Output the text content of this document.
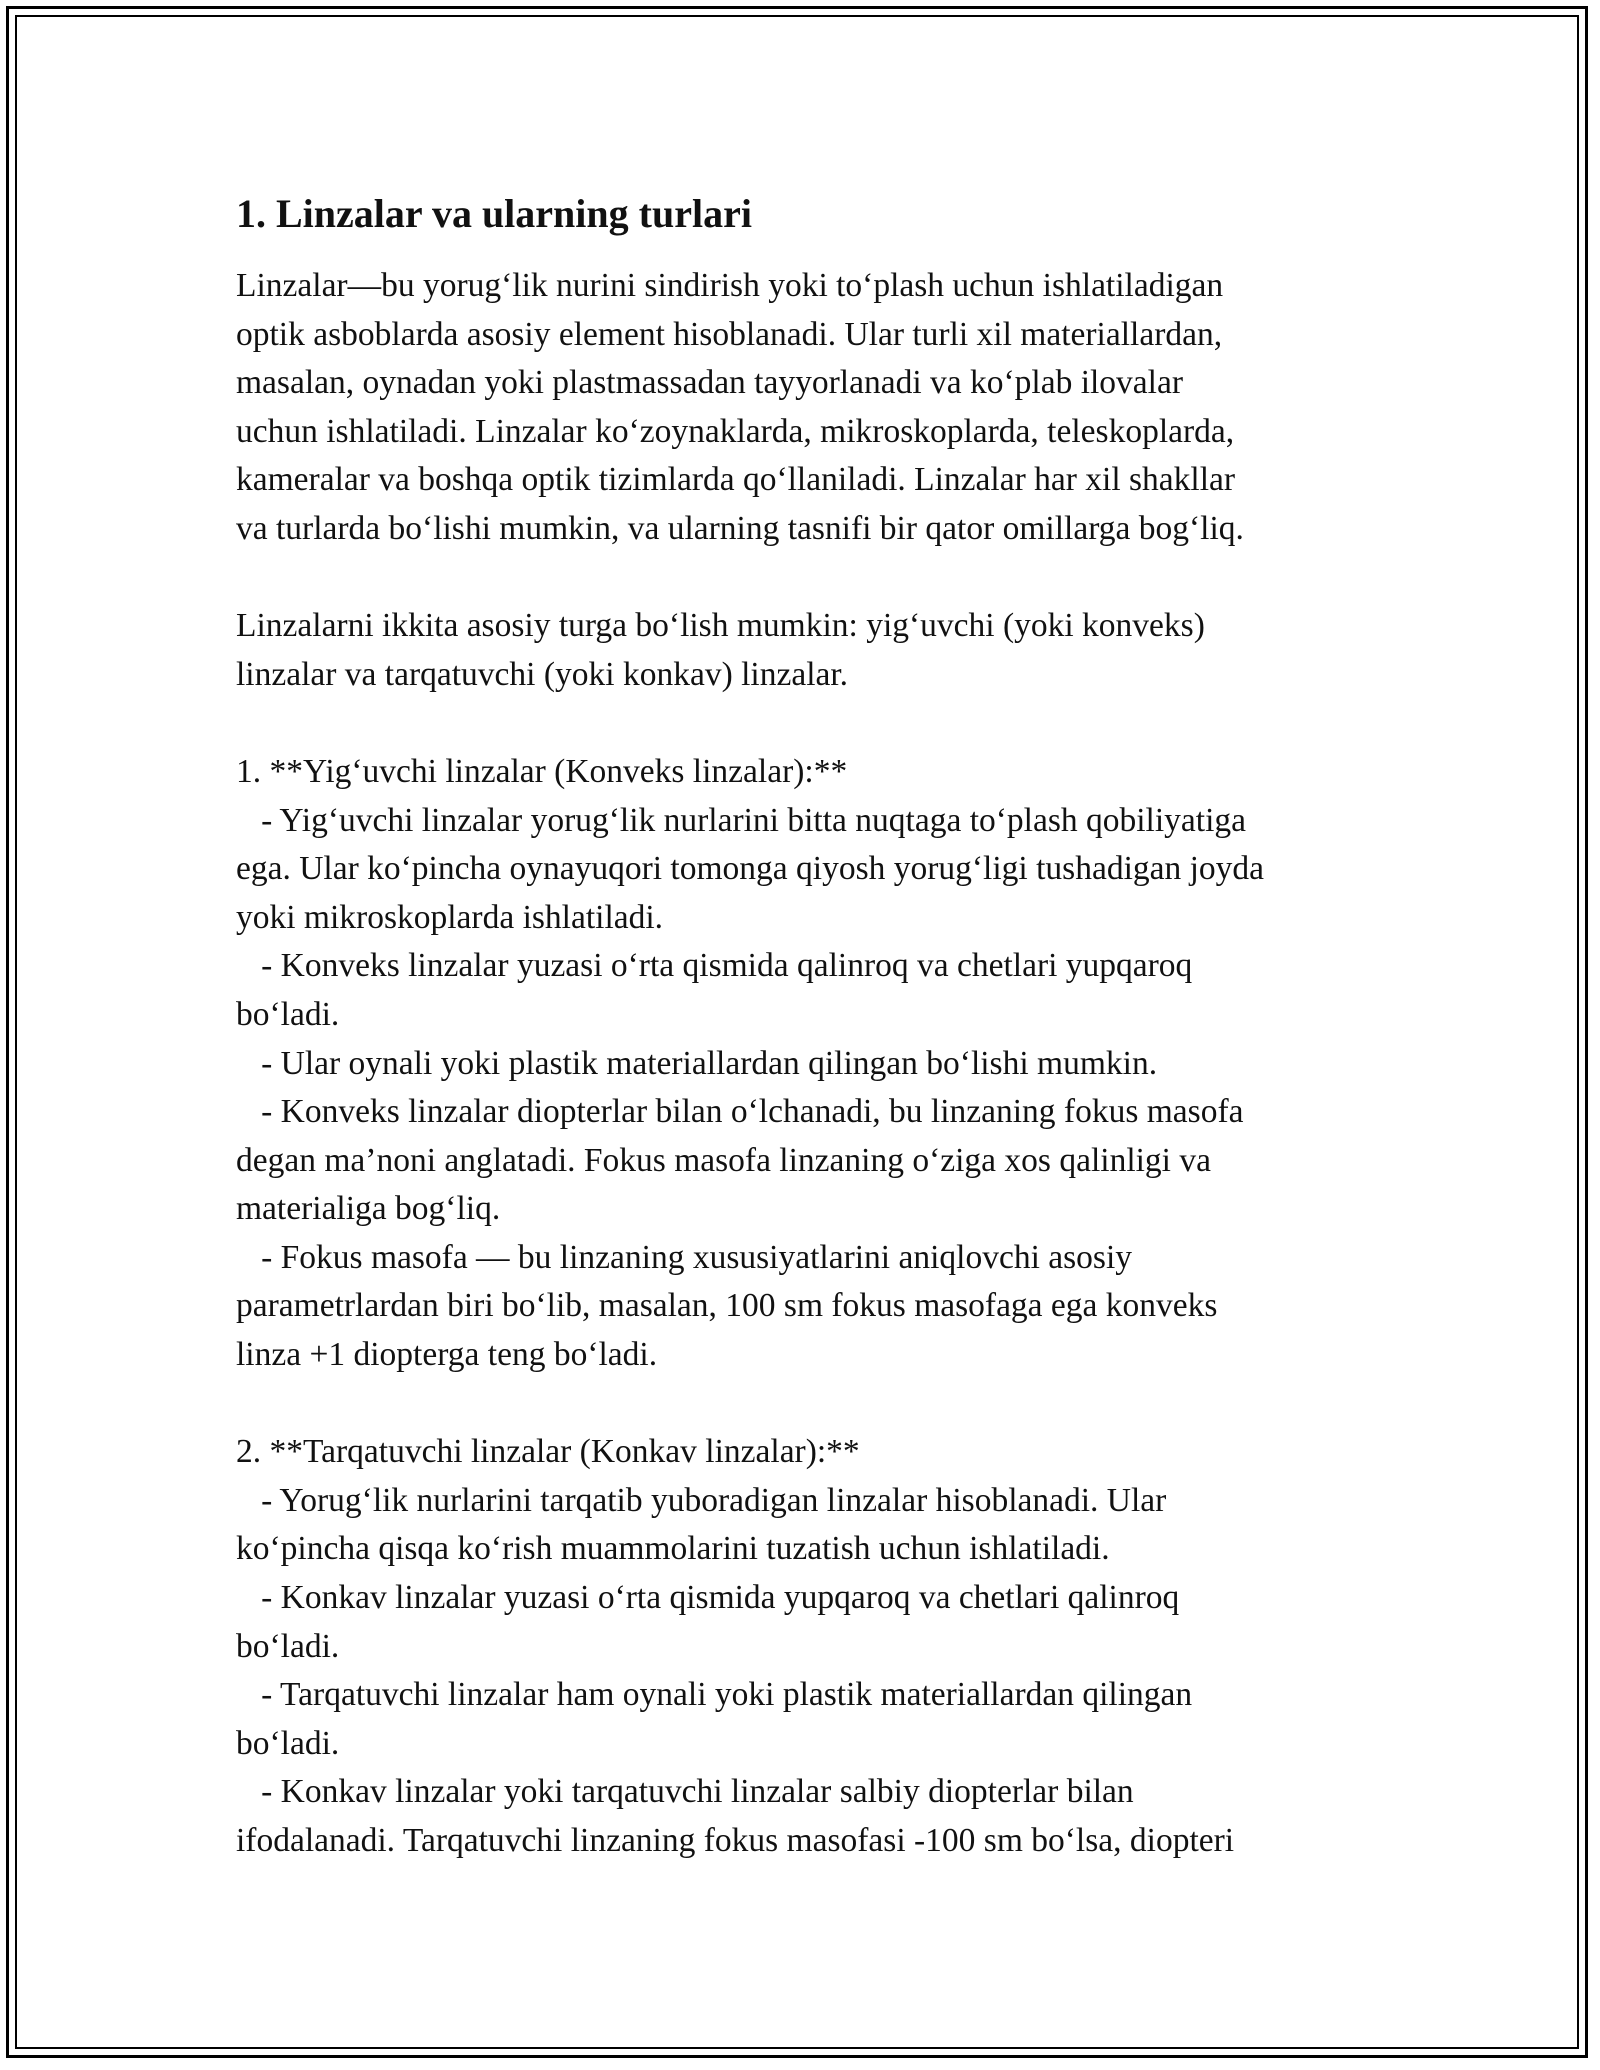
1. Linzalar va ularning turlari
Linzalar—bu yorug‘lik nurini sindirish yoki to‘plash uchun ishlatiladigan
optik asboblarda asosiy element hisoblanadi. Ular turli xil materiallardan,
masalan, oynadan yoki plastmassadan tayyorlanadi va ko‘plab ilovalar
uchun ishlatiladi. Linzalar ko‘zoynaklarda, mikroskoplarda, teleskoplarda,
kameralar va boshqa optik tizimlarda qo‘llaniladi. Linzalar har xil shakllar
va turlarda bo‘lishi mumkin, va ularning tasnifi bir qator omillarga bog‘liq.
Linzalarni ikkita asosiy turga bo‘lish mumkin: yig‘uvchi (yoki konveks)
linzalar va tarqatuvchi (yoki konkav) linzalar.
1. **Yig‘uvchi linzalar (Konveks linzalar):**
- Yig‘uvchi linzalar yorug‘lik nurlarini bitta nuqtaga to‘plash qobiliyatiga
ega. Ular ko‘pincha oynayuqori tomonga qiyosh yorug‘ligi tushadigan joyda
yoki mikroskoplarda ishlatiladi.
- Konveks linzalar yuzasi o‘rta qismida qalinroq va chetlari yupqaroq
bo‘ladi.
- Ular oynali yoki plastik materiallardan qilingan bo‘lishi mumkin.
- Konveks linzalar diopterlar bilan o‘lchanadi, bu linzaning fokus masofa
degan ma’noni anglatadi. Fokus masofa linzaning o‘ziga xos qalinligi va
materialiga bog‘liq.
- Fokus masofa — bu linzaning xususiyatlarini aniqlovchi asosiy
parametrlardan biri bo‘lib, masalan, 100 sm fokus masofaga ega konveks
linza +1 diopterga teng bo‘ladi.
2. **Tarqatuvchi linzalar (Konkav linzalar):**
- Yorug‘lik nurlarini tarqatib yuboradigan linzalar hisoblanadi. Ular
ko‘pincha qisqa ko‘rish muammolarini tuzatish uchun ishlatiladi.
- Konkav linzalar yuzasi o‘rta qismida yupqaroq va chetlari qalinroq
bo‘ladi.
- Tarqatuvchi linzalar ham oynali yoki plastik materiallardan qilingan
bo‘ladi.
- Konkav linzalar yoki tarqatuvchi linzalar salbiy diopterlar bilan
ifodalanadi. Tarqatuvchi linzaning fokus masofasi -100 sm bo‘lsa, diopteri
